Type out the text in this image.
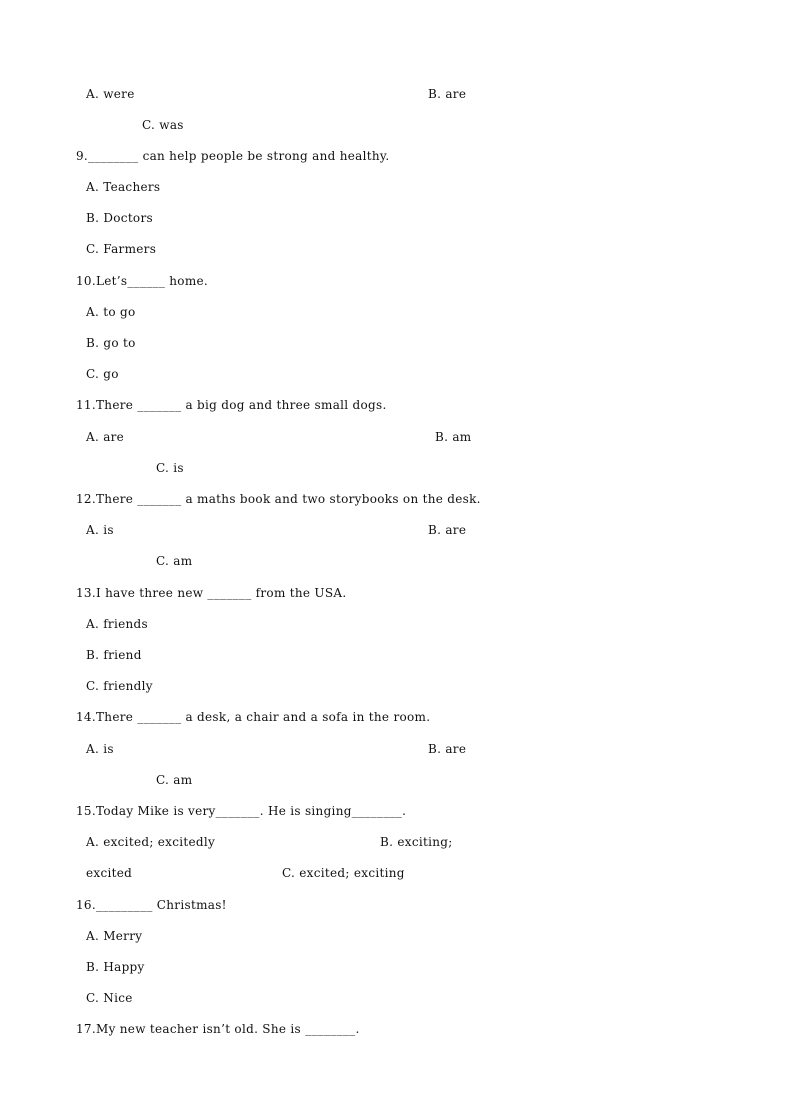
A. were	B. are
C. was
9.________ can help people be strong and healthy.
A. Teachers
B. Doctors
C. Farmers
10.Let’s______ home.
A. to go
B. go to
C. go
11.There _______ a big dog and three small dogs.
A. are	B. am
C. is
12.There _______ a maths book and two storybooks on the desk.
A. is	B. are
C. am
13.I have three new _______ from the USA.
A. friends
B. friend
C. friendly
14.There _______ a desk, a chair and a sofa in the room.
A. is	B. are
C. am
15.Today Mike is very_______. He is singing________.
A. excited; excitedly	B. exciting;
excited	C. excited; exciting
16._________ Christmas!
A. Merry
B. Happy
C. Nice
17.My new teacher isn’t old. She is ________.
